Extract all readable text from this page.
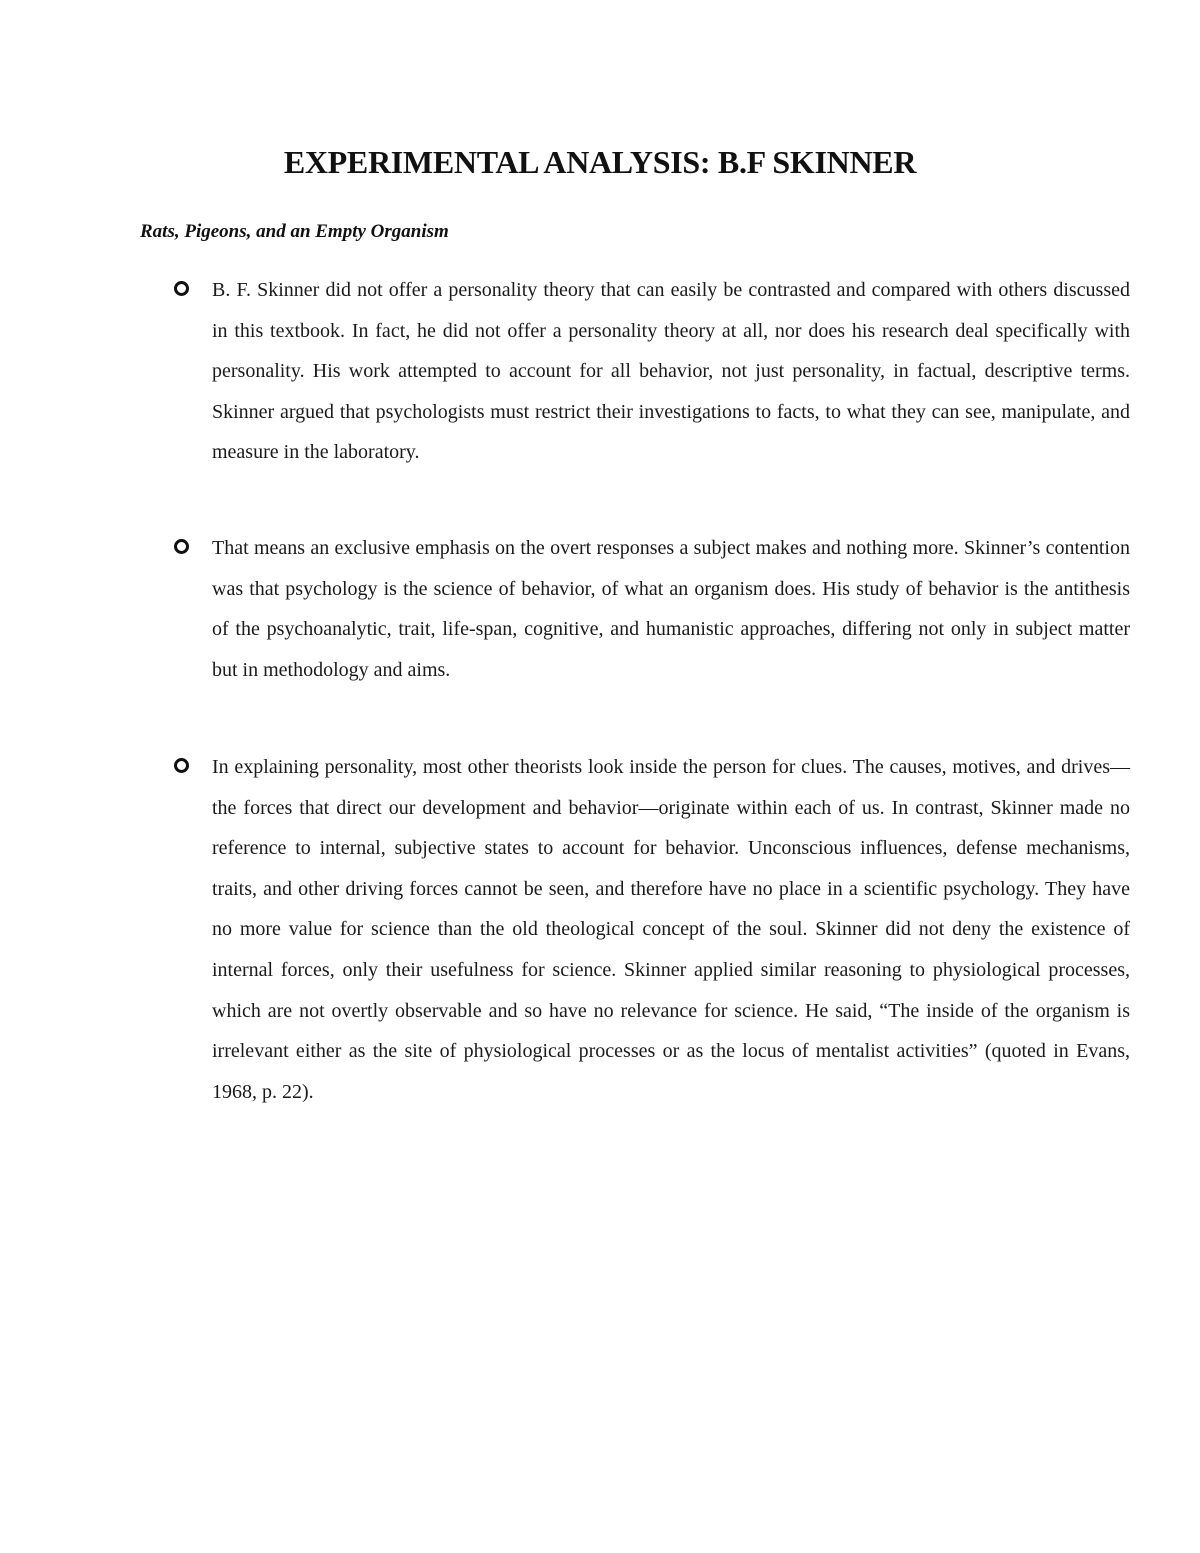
EXPERIMENTAL ANALYSIS: B.F SKINNER
Rats, Pigeons, and an Empty Organism

B. F. Skinner did not offer a personality theory that can easily be contrasted and compared with others discussed in this textbook. In fact, he did not offer a personality theory at all, nor does his research deal specifically with personality. His work attempted to account for all behavior, not just personality, in factual, descriptive terms. Skinner argued that psychologists must restrict their investigations to facts, to what they can see, manipulate, and measure in the laboratory.

That means an exclusive emphasis on the overt responses a subject makes and nothing more. Skinner’s contention was that psychology is the science of behavior, of what an organism does. His study of behavior is the antithesis of the psychoanalytic, trait, life-span, cognitive, and humanistic approaches, differing not only in subject matter but in methodology and aims.

In explaining personality, most other theorists look inside the person for clues. The causes, motives, and drives—the forces that direct our development and behavior—originate within each of us. In contrast, Skinner made no reference to internal, subjective states to account for behavior. Unconscious influences, defense mechanisms, traits, and other driving forces cannot be seen, and therefore have no place in a scientific psychology. They have no more value for science than the old theological concept of the soul. Skinner did not deny the existence of internal forces, only their usefulness for science. Skinner applied similar reasoning to physiological processes, which are not overtly observable and so have no relevance for science. He said, “The inside of the organism is irrelevant either as the site of physiological processes or as the locus of mentalist activities” (quoted in Evans, 1968, p. 22).
